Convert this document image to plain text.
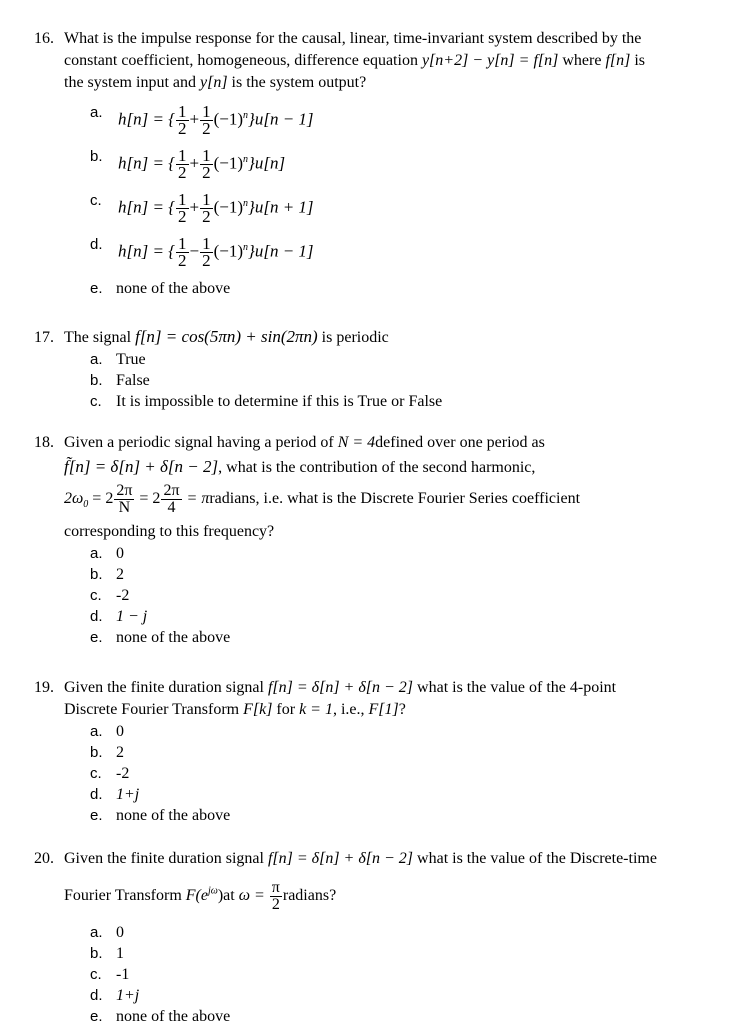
16. What is the impulse response for the causal, linear, time-invariant system described by the
constant coefficient, homogeneous, difference equation y[n+2] − y[n] = f[n] where f[n] is
the system input and y[n] is the system output?
a. h[n] = { $\frac{1}{2} + \frac{1}{2} (-1)^n\}u[n - 1]$
b. h[n] = { $\frac{1}{2} + \frac{1}{2} (-1)^n\}u[n]$
c. h[n] = { $\frac{1}{2} + \frac{1}{2} (-1)^n\}u[n + 1]$
d. h[n] = { $\frac{1}{2} - \frac{1}{2} (-1)^n\}u[n - 1]$
e. none of the above
17. The signal f[n] = cos(5πn) + sin(2πn) is periodic
a. True
b. False
c. It is impossible to determine if this is True or False
18. Given a periodic signal having a period of N = 4defined over one period as
f̃[n] = δ[n] + δ[n − 2], what is the contribution of the second harmonic,
$2\omega_0 = 2 \frac{2\pi}{N} = 2 \frac{2\pi}{4}$ = πradians, i.e. what is the Discrete Fourier Series coefficient
corresponding to this frequency?
a. 0
b. 2
c. -2
d. 1 − j
e. none of the above
19. Given the finite duration signal f[n] = δ[n] + δ[n − 2] what is the value of the 4-point
Discrete Fourier Transform F[k] for k = 1, i.e., F[1]?
a. 0
b. 2
c. -2
d. 1+j
e. none of the above
20. Given the finite duration signal f[n] = δ[n] + δ[n − 2] what is the value of the Discrete-time
Fourier Transform $F(e^{j\omega})at$ $\omega = \frac{\pi}{2}$ radians?
a. 0
b. 1
c. -1
d. 1+j
e. none of the above
